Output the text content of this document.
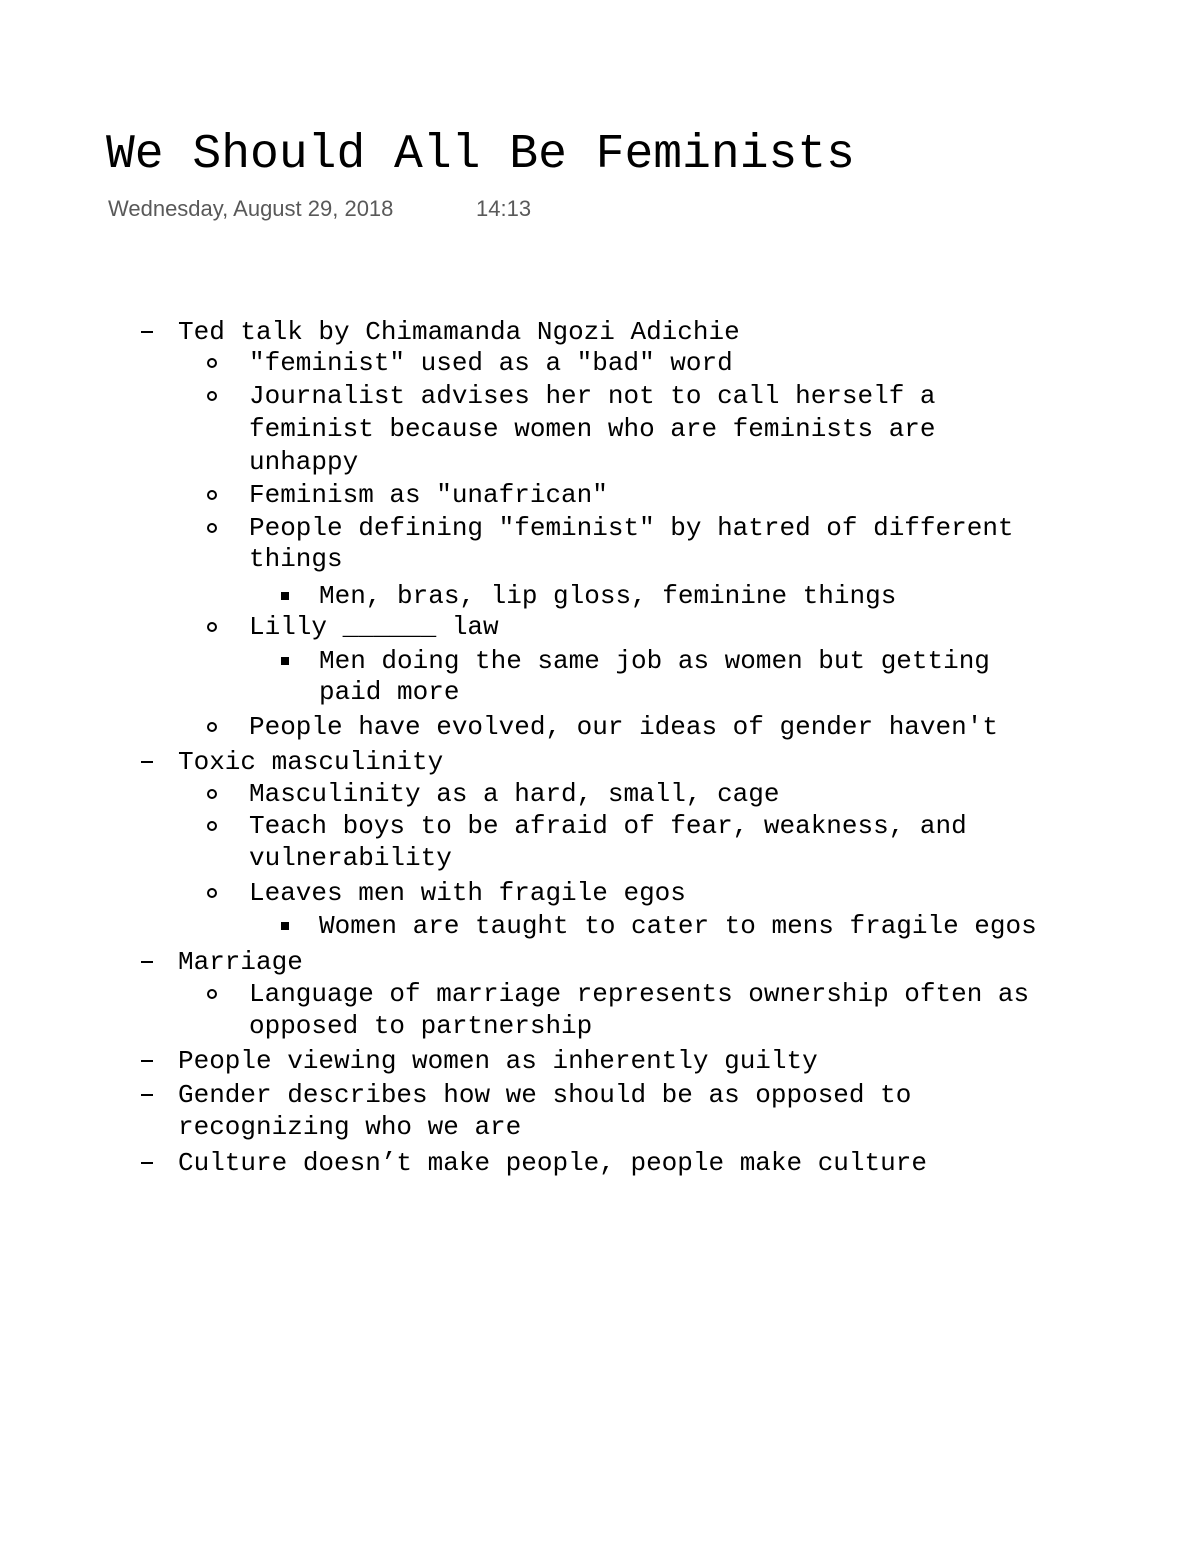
We Should All Be Feminists
Wednesday, August 29, 2018	14:13
Ted talk by Chimamanda Ngozi Adichie
"feminist" used as a "bad" word
Journalist advises her not to call herself a
feminist because women who are feminists are
unhappy
Feminism as "unafrican"
People defining "feminist" by hatred of different
things
Men, bras, lip gloss, feminine things
Lilly ______ law
Men doing the same job as women but getting
paid more
People have evolved, our ideas of gender haven't
Toxic masculinity
Masculinity as a hard, small, cage
Teach boys to be afraid of fear, weakness, and
vulnerability
Leaves men with fragile egos
Women are taught to cater to mens fragile egos
Marriage
Language of marriage represents ownership often as
opposed to partnership
People viewing women as inherently guilty
Gender describes how we should be as opposed to
recognizing who we are
Culture doesn’t make people, people make culture
